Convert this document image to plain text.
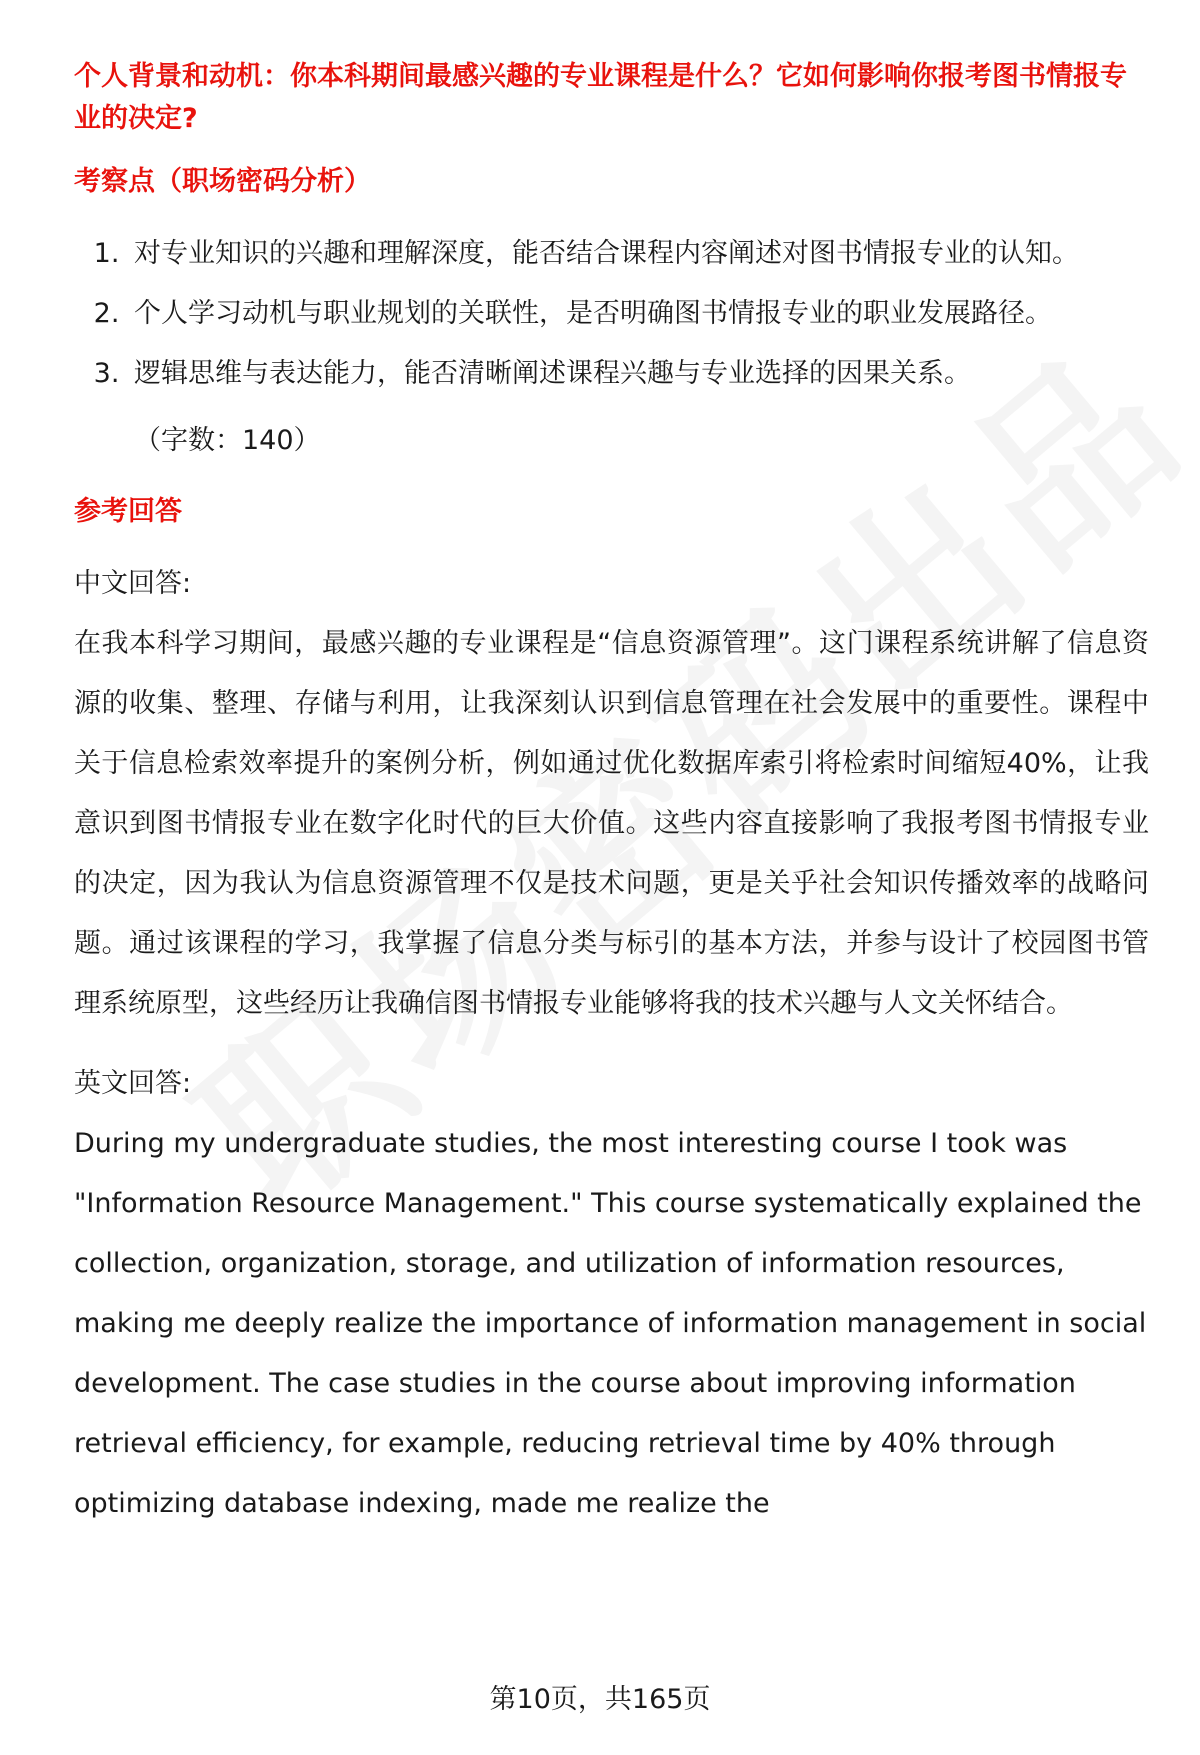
个人背景和动机：你本科期间最感兴趣的专业课程是什么？它如何影响你报考图书情报专业的决定?

考察点（职场密码分析）

1. 对专业知识的兴趣和理解深度，能否结合课程内容阐述对图书情报专业的认知。
2. 个人学习动机与职业规划的关联性，是否明确图书情报专业的职业发展路径。
3. 逻辑思维与表达能力，能否清晰阐述课程兴趣与专业选择的因果关系。

（字数：140）

参考回答

中文回答:

在我本科学习期间，最感兴趣的专业课程是“信息资源管理”。这门课程系统讲解了信息资源的收集、整理、存储与利用，让我深刻认识到信息管理在社会发展中的重要性。课程中关于信息检索效率提升的案例分析，例如通过优化数据库索引将检索时间缩短40%，让我意识到图书情报专业在数字化时代的巨大价值。这些内容直接影响了我报考图书情报专业的决定，因为我认为信息资源管理不仅是技术问题，更是关乎社会知识传播效率的战略问题。通过该课程的学习，我掌握了信息分类与标引的基本方法，并参与设计了校园图书管理系统原型，这些经历让我确信图书情报专业能够将我的技术兴趣与人文关怀结合。

英文回答:

During my undergraduate studies, the most interesting course I took was "Information Resource Management." This course systematically explained the collection, organization, storage, and utilization of information resources, making me deeply realize the importance of information management in social development. The case studies in the course about improving information retrieval efficiency, for example, reducing retrieval time by 40% through optimizing database indexing, made me realize the

第10页，共165页
